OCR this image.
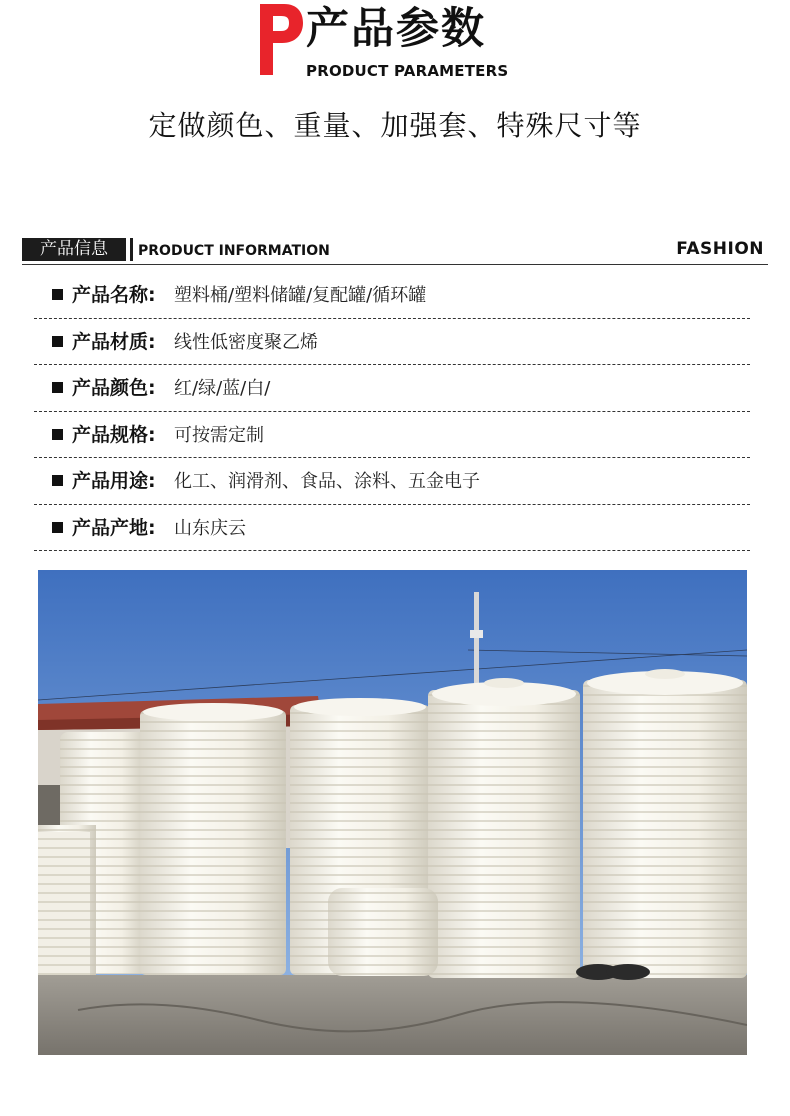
产品参数
PRODUCT PARAMETERS
定做颜色、重量、加强套、特殊尺寸等
产品信息	PRODUCT INFORMATION	FASHION
产品名称: 塑料桶/塑料储罐/复配罐/循环罐
产品材质: 线性低密度聚乙烯
产品颜色: 红/绿/蓝/白/
产品规格: 可按需定制
产品用途: 化工、润滑剂、食品、涂料、五金电子
产品产地: 山东庆云
